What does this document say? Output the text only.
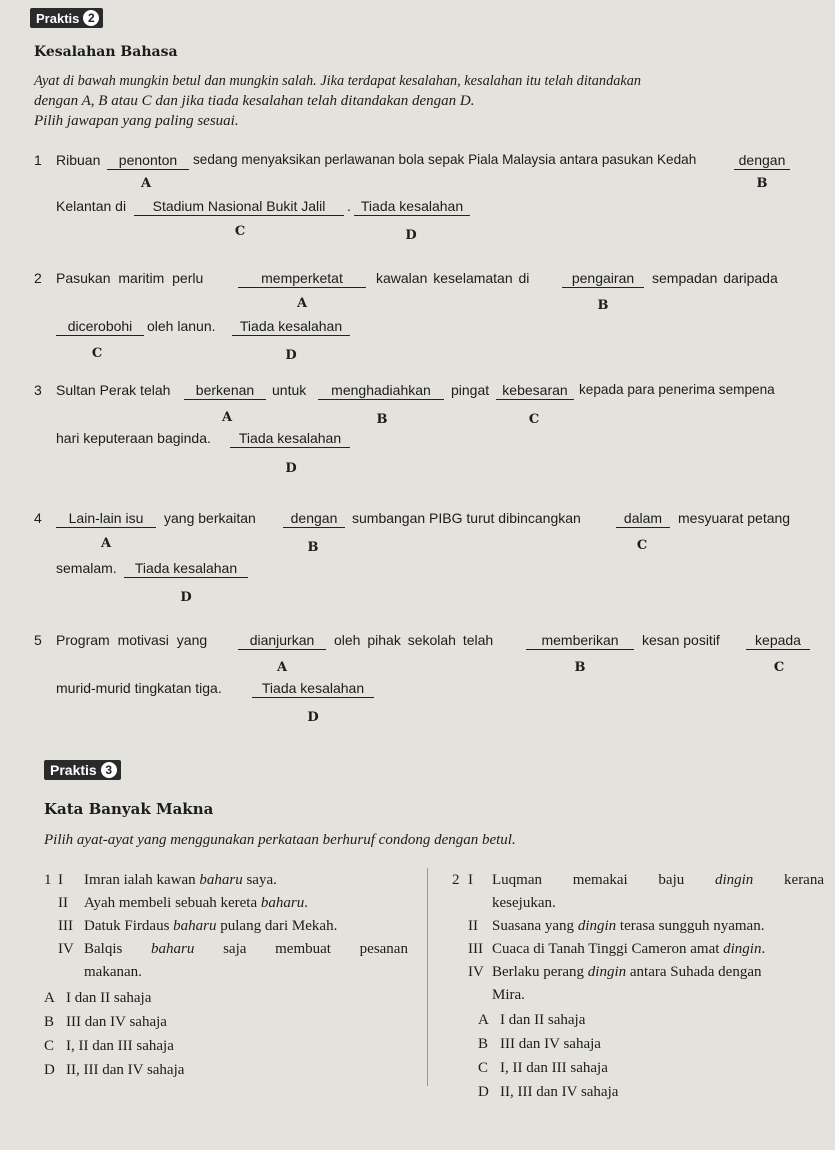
Praktis 2
Kesalahan Bahasa
Ayat di bawah mungkin betul dan mungkin salah. Jika terdapat kesalahan, kesalahan itu telah ditandakan
dengan A, B atau C dan jika tiada kesalahan telah ditandakan dengan D.
Pilih jawapan yang paling sesuai.
1 Ribuan	penonton
A
sedang menyaksikan perlawanan bola sepak Piala Malaysia antara pasukan Kedah	dengan
B
Kelantan di	Stadium Nasional Bukit Jalil
C
. Tiada kesalahan
D
2 Pasukan maritim perlu	memperketat
A
kawalan keselamatan di	pengairan
B
sempadan daripada
dicerobohi
C
oleh lanun.	Tiada kesalahan
D
3 Sultan Perak telah	berkenan
A
untuk	menghadiahkan
B
pingat kebesaran
C
kepada para penerima sempena
hari keputeraan baginda.	Tiada kesalahan
D
4	Lain-lain isu
A
yang berkaitan	dengan
B
sumbangan PIBG turut dibincangkan	dalam
C
mesyuarat petang
semalam.	Tiada kesalahan
D
5 Program motivasi yang	dianjurkan
A
oleh pihak sekolah telah	memberikan
B
kesan positif	kepada
C
murid-murid tingkatan tiga.	Tiada kesalahan
D
Praktis 3
Kata Banyak Makna
Pilih ayat-ayat yang menggunakan perkataan berhuruf condong dengan betul.
1 I Imran ialah kawan baharu saya.
II Ayah membeli sebuah kereta baharu.
III Datuk Firdaus baharu pulang dari Mekah.
IV Balqis baharu saja membuat pesanan
makanan.
A I dan II sahaja
B III dan IV sahaja
C I, II dan III sahaja
D II, III dan IV sahaja
2 I Luqman memakai baju dingin kerana
kesejukan.
II Suasana yang dingin terasa sungguh nyaman.
III Cuaca di Tanah Tinggi Cameron amat dingin.
IV Berlaku perang dingin antara Suhada dengan
Mira.
A I dan II sahaja
B III dan IV sahaja
C I, II dan III sahaja
D II, III dan IV sahaja
